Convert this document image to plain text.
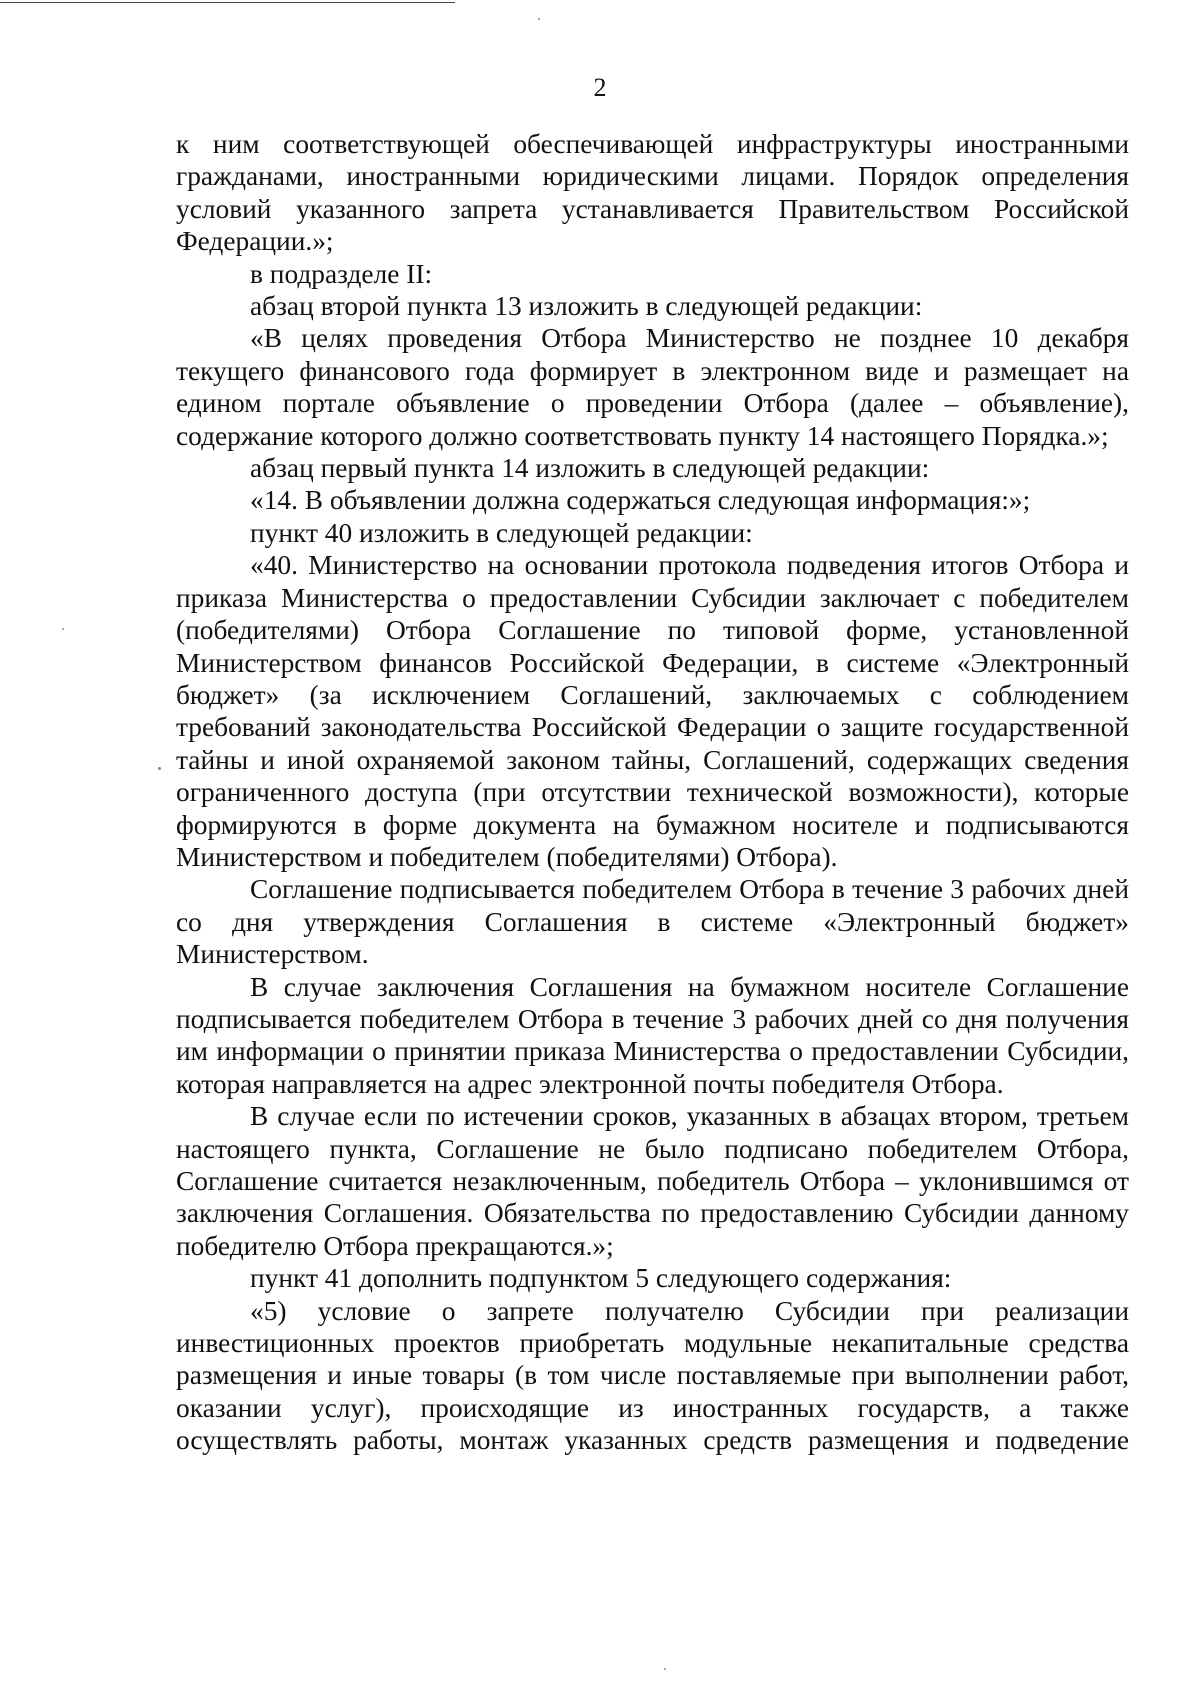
2

к ним соответствующей обеспечивающей инфраструктуры иностранными гражданами, иностранными юридическими лицами. Порядок определения условий указанного запрета устанавливается Правительством Российской Федерации.»;

в подразделе II:

абзац второй пункта 13 изложить в следующей редакции:

«В целях проведения Отбора Министерство не позднее 10 декабря текущего финансового года формирует в электронном виде и размещает на едином портале объявление о проведении Отбора (далее – объявление), содержание которого должно соответствовать пункту 14 настоящего Порядка.»;

абзац первый пункта 14 изложить в следующей редакции:

«14. В объявлении должна содержаться следующая информация:»;

пункт 40 изложить в следующей редакции:

«40. Министерство на основании протокола подведения итогов Отбора и приказа Министерства о предоставлении Субсидии заключает с победителем (победителями) Отбора Соглашение по типовой форме, установленной Министерством финансов Российской Федерации, в системе «Электронный бюджет» (за исключением Соглашений, заключаемых с соблюдением требований законодательства Российской Федерации о защите государственной тайны и иной охраняемой законом тайны, Соглашений, содержащих сведения ограниченного доступа (при отсутствии технической возможности), которые формируются в форме документа на бумажном носителе и подписываются Министерством и победителем (победителями) Отбора).

Соглашение подписывается победителем Отбора в течение 3 рабочих дней со дня утверждения Соглашения в системе «Электронный бюджет» Министерством.

В случае заключения Соглашения на бумажном носителе Соглашение подписывается победителем Отбора в течение 3 рабочих дней со дня получения им информации о принятии приказа Министерства о предоставлении Субсидии, которая направляется на адрес электронной почты победителя Отбора.

В случае если по истечении сроков, указанных в абзацах втором, третьем настоящего пункта, Соглашение не было подписано победителем Отбора, Соглашение считается незаключенным, победитель Отбора – уклонившимся от заключения Соглашения. Обязательства по предоставлению Субсидии данному победителю Отбора прекращаются.»;

пункт 41 дополнить подпунктом 5 следующего содержания:

«5) условие о запрете получателю Субсидии при реализации инвестиционных проектов приобретать модульные некапитальные средства размещения и иные товары (в том числе поставляемые при выполнении работ, оказании услуг), происходящие из иностранных государств, а также осуществлять работы, монтаж указанных средств размещения и подведение
